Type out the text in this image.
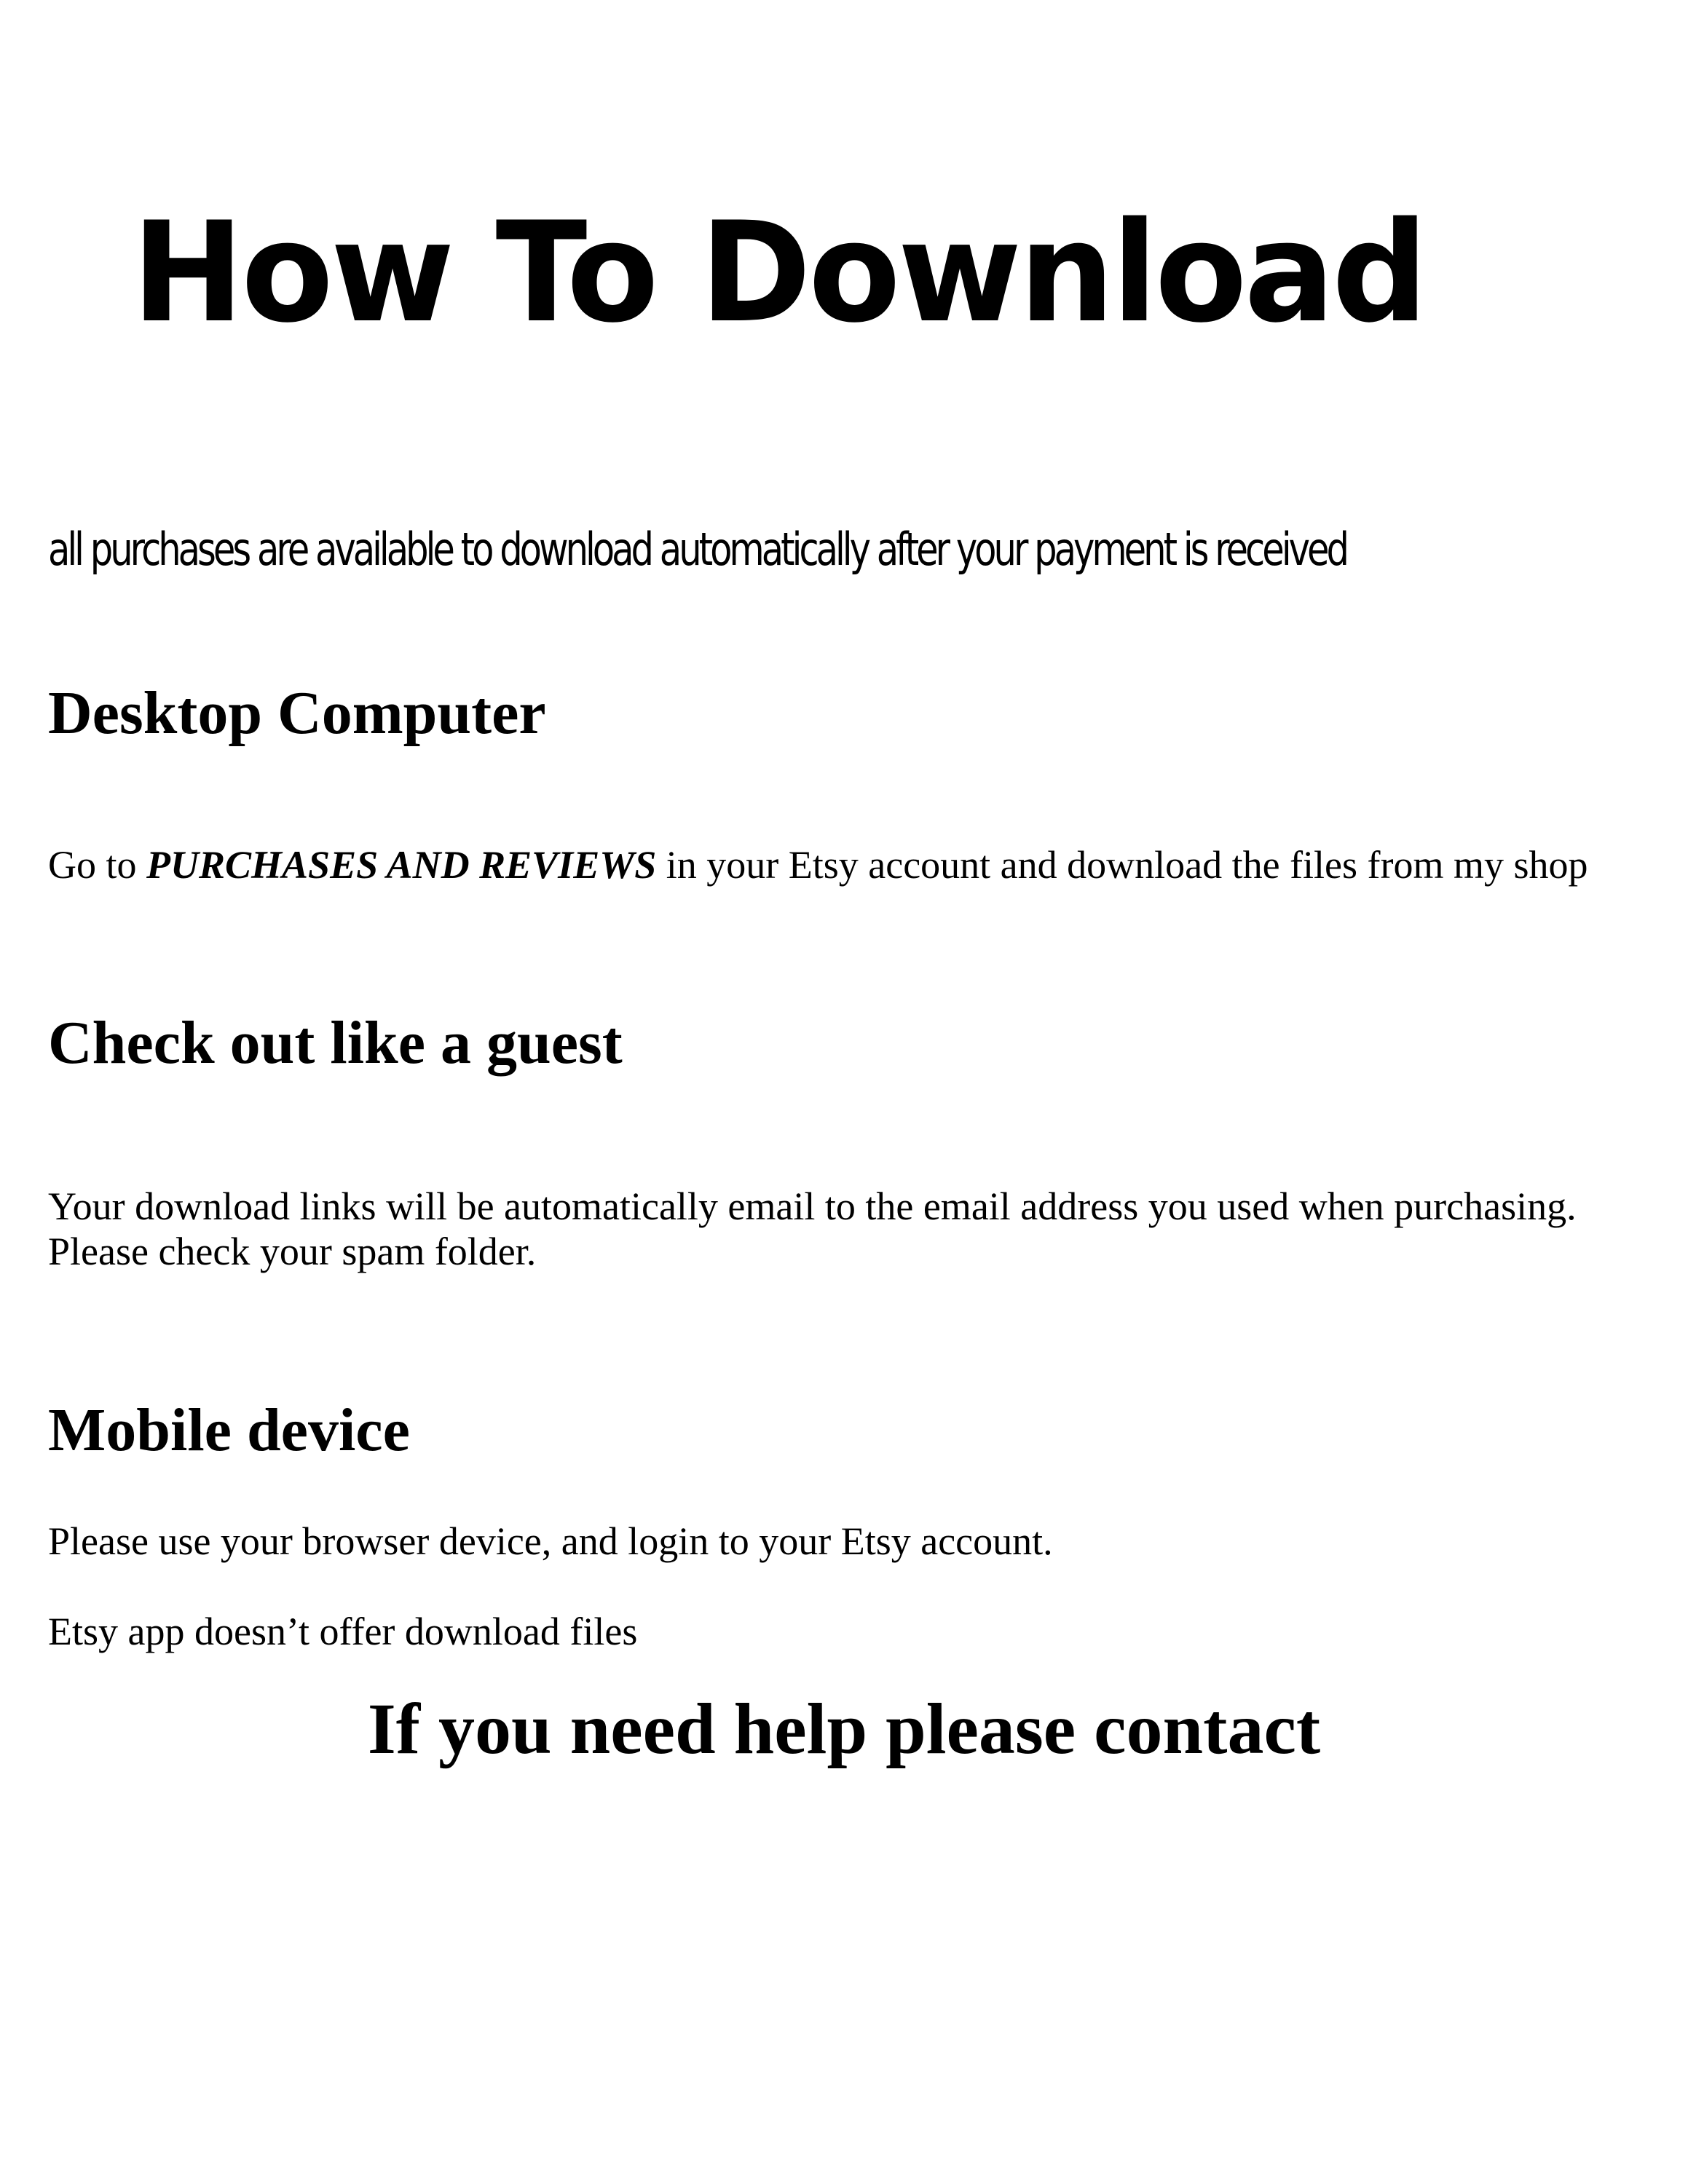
How To Download

all purchases are available to download automatically after your payment is received

Desktop Computer

Go to PURCHASES AND REVIEWS in your Etsy account and download the files from my shop

Check out like a guest

Your download links will be automatically email to the email address you used when purchasing.

Please check your spam folder.

Mobile device

Please use your browser device, and login to your Etsy account.

Etsy app doesn’t offer download files

If you need help please contact
